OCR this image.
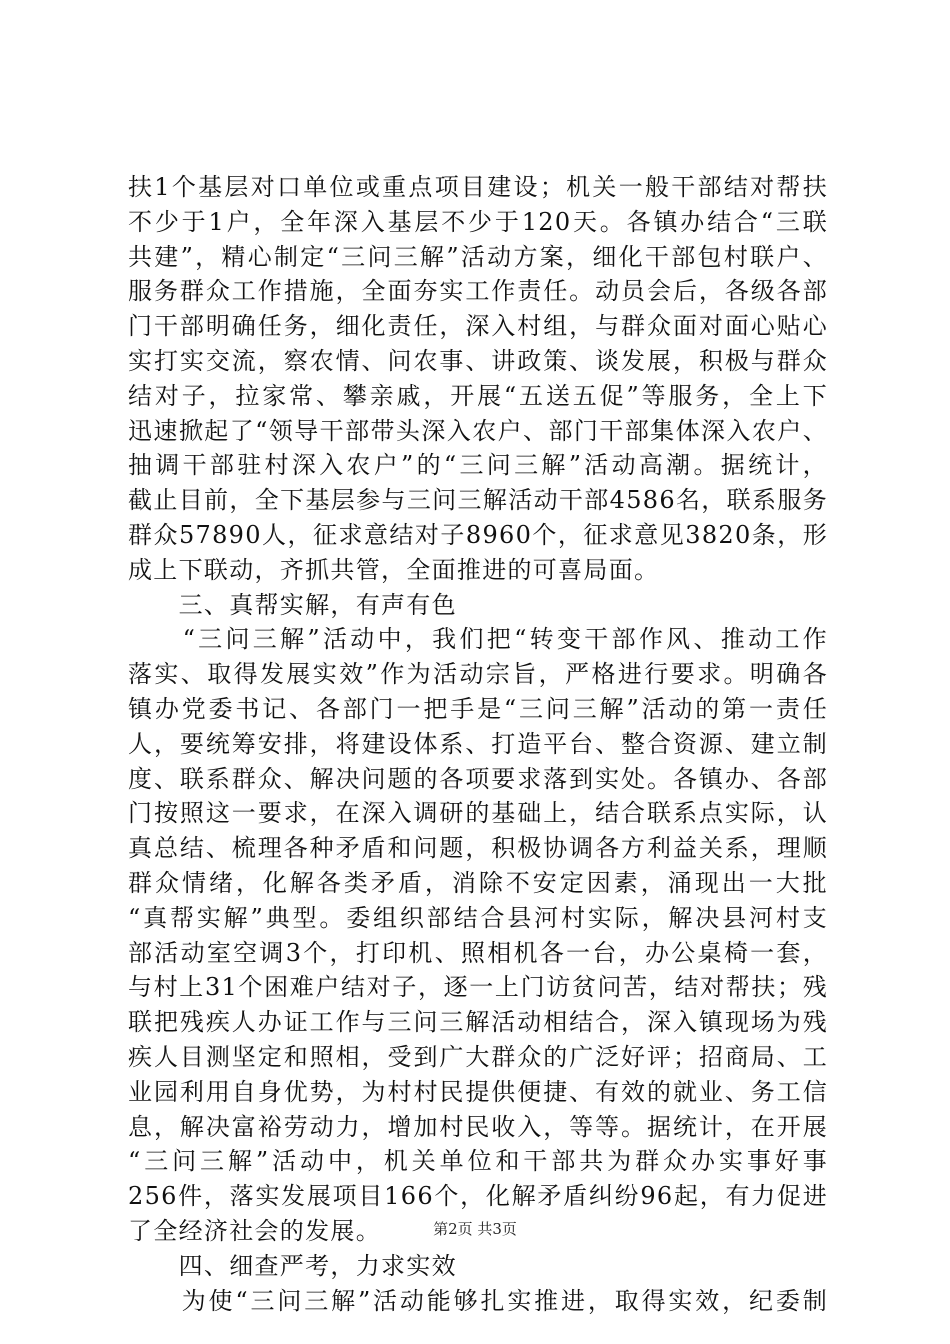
扶1个基层对口单位或重点项目建设；机关一般干部结对帮扶
不少于1户，全年深入基层不少于120天。各镇办结合“三联
共建”，精心制定“三问三解”活动方案，细化干部包村联户、
服务群众工作措施，全面夯实工作责任。动员会后，各级各部
门干部明确任务，细化责任，深入村组，与群众面对面心贴心
实打实交流，察农情、问农事、讲政策、谈发展，积极与群众
结对子，拉家常、攀亲戚，开展“五送五促”等服务，全上下
迅速掀起了“领导干部带头深入农户、部门干部集体深入农户、
抽调干部驻村深入农户”的“三问三解”活动高潮。据统计，
截止目前，全下基层参与三问三解活动干部4586名，联系服务
群众57890人，征求意结对子8960个，征求意见3820条，形
成上下联动，齐抓共管，全面推进的可喜局面。
　　三、真帮实解，有声有色
　　“三问三解”活动中，我们把“转变干部作风、推动工作
落实、取得发展实效”作为活动宗旨，严格进行要求。明确各
镇办党委书记、各部门一把手是“三问三解”活动的第一责任
人，要统筹安排，将建设体系、打造平台、整合资源、建立制
度、联系群众、解决问题的各项要求落到实处。各镇办、各部
门按照这一要求，在深入调研的基础上，结合联系点实际，认
真总结、梳理各种矛盾和问题，积极协调各方利益关系，理顺
群众情绪，化解各类矛盾，消除不安定因素，涌现出一大批
“真帮实解”典型。委组织部结合县河村实际，解决县河村支
部活动室空调3个，打印机、照相机各一台，办公桌椅一套，
与村上31个困难户结对子，逐一上门访贫问苦，结对帮扶；残
联把残疾人办证工作与三问三解活动相结合，深入镇现场为残
疾人目测坚定和照相，受到广大群众的广泛好评；招商局、工
业园利用自身优势，为村村民提供便捷、有效的就业、务工信
息，解决富裕劳动力，增加村民收入，等等。据统计，在开展
“三问三解”活动中，机关单位和干部共为群众办实事好事
256件，落实发展项目166个，化解矛盾纠纷96起，有力促进
了全经济社会的发展。
　　四、细查严考，力求实效
　　为使“三问三解”活动能够扎实推进，取得实效，纪委制
第2页 共3页
